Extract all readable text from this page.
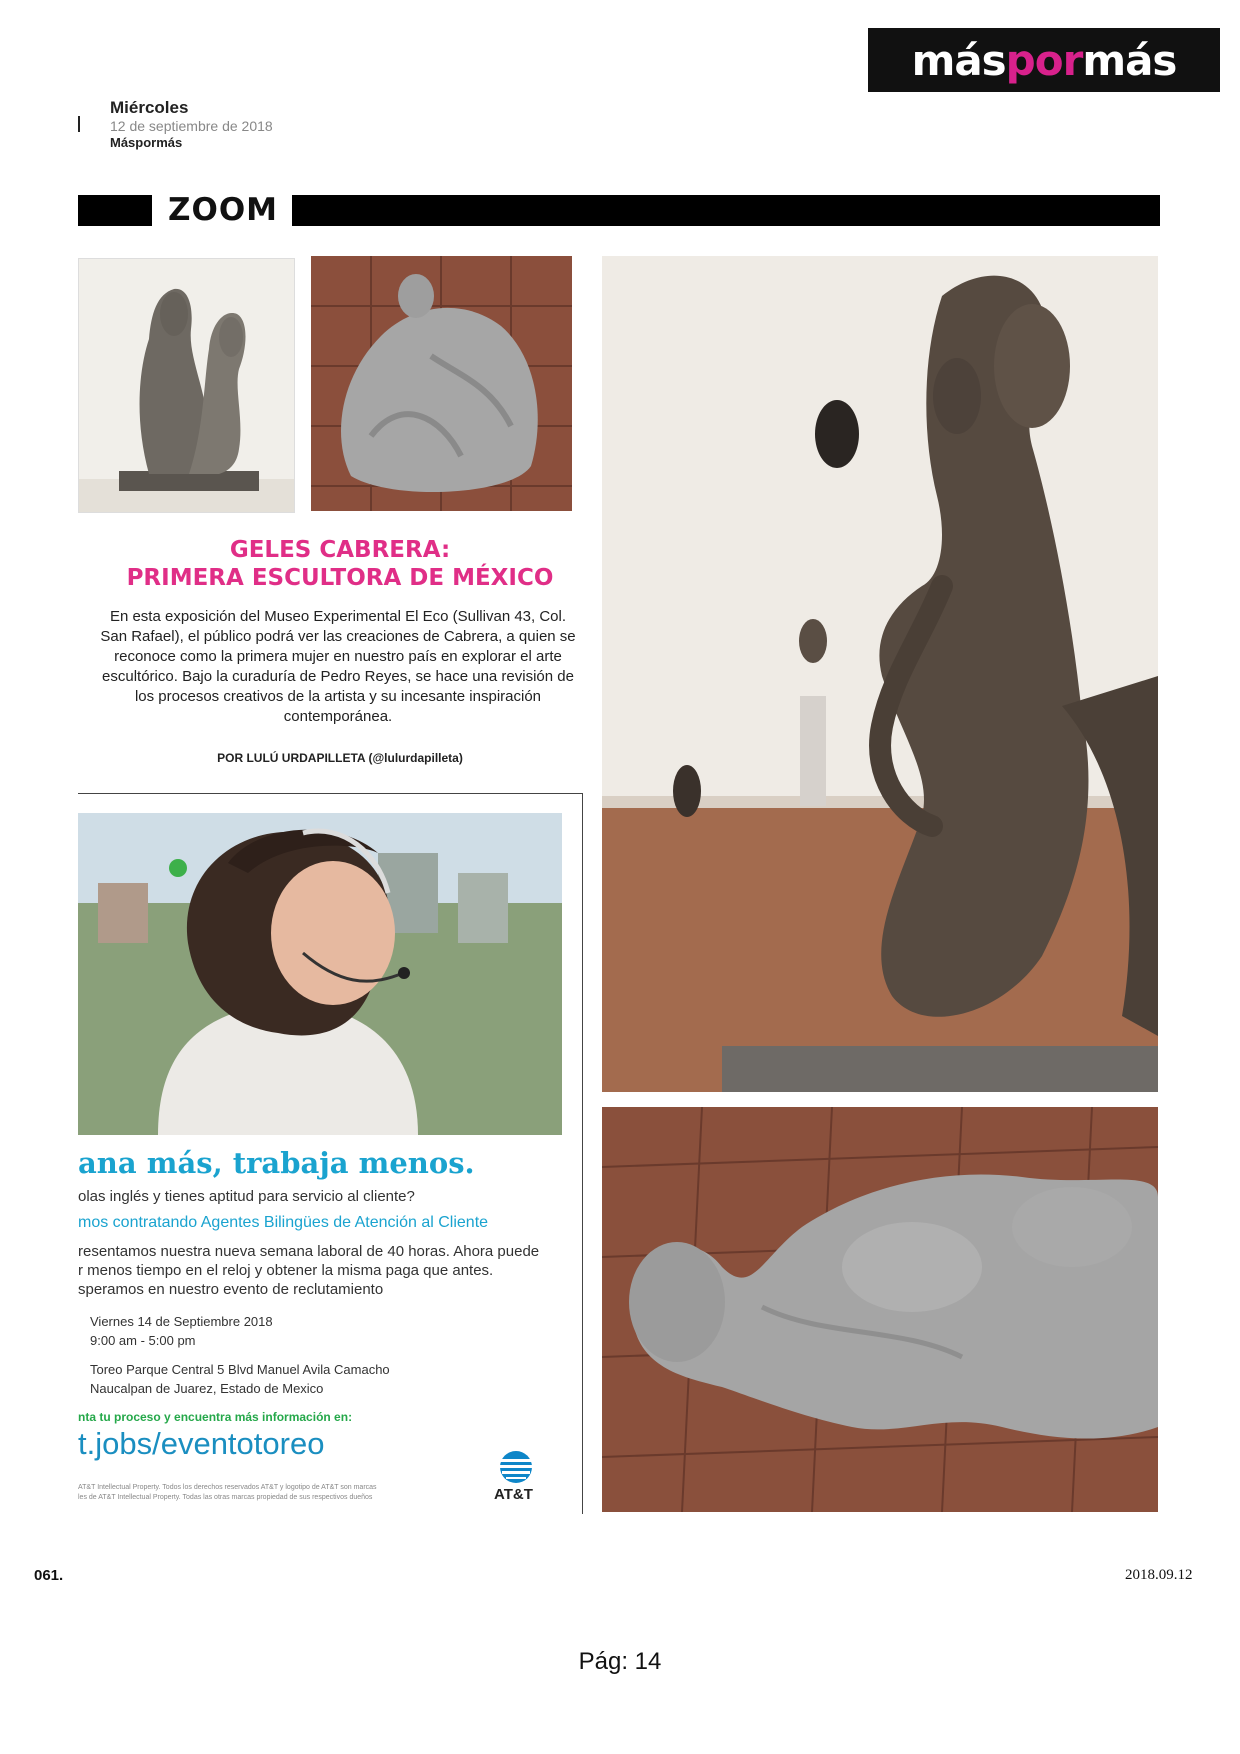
más por más
Miércoles
12 de septiembre de 2018
Máspormás
ZOOM
GELES CABRERA:
PRIMERA ESCULTORA DE MÉXICO
En esta exposición del Museo Experimental El Eco (Sullivan 43, Col. San Rafael), el público podrá ver las creaciones de Cabrera, a quien se reconoce como la primera mujer en nuestro país en explorar el arte escultórico. Bajo la curaduría de Pedro Reyes, se hace una revisión de los procesos creativos de la artista y su incesante inspiración contemporánea.
POR LULÚ URDAPILLETA (@lulurdapilleta)
ana más, trabaja menos.
olas inglés y tienes aptitud para servicio al cliente?
mos contratando Agentes Bilingües de Atención al Cliente
resentamos nuestra nueva semana laboral de 40 horas. Ahora puede
r menos tiempo en el reloj y obtener la misma paga que antes.
speramos en nuestro evento de reclutamiento
Viernes 14 de Septiembre 2018
9:00 am - 5:00 pm
Toreo Parque Central 5 Blvd Manuel Avila Camacho
Naucalpan de Juarez, Estado de Mexico
nta tu proceso y encuentra más información en:
t.jobs/eventotoreo
AT&T Intellectual Property. Todos los derechos reservados AT&T y logotipo de AT&T son marcas
les de AT&T Intellectual Property. Todas las otras marcas propiedad de sus respectivos dueños	AT&T
061.	2018.09.12
Pág: 14
